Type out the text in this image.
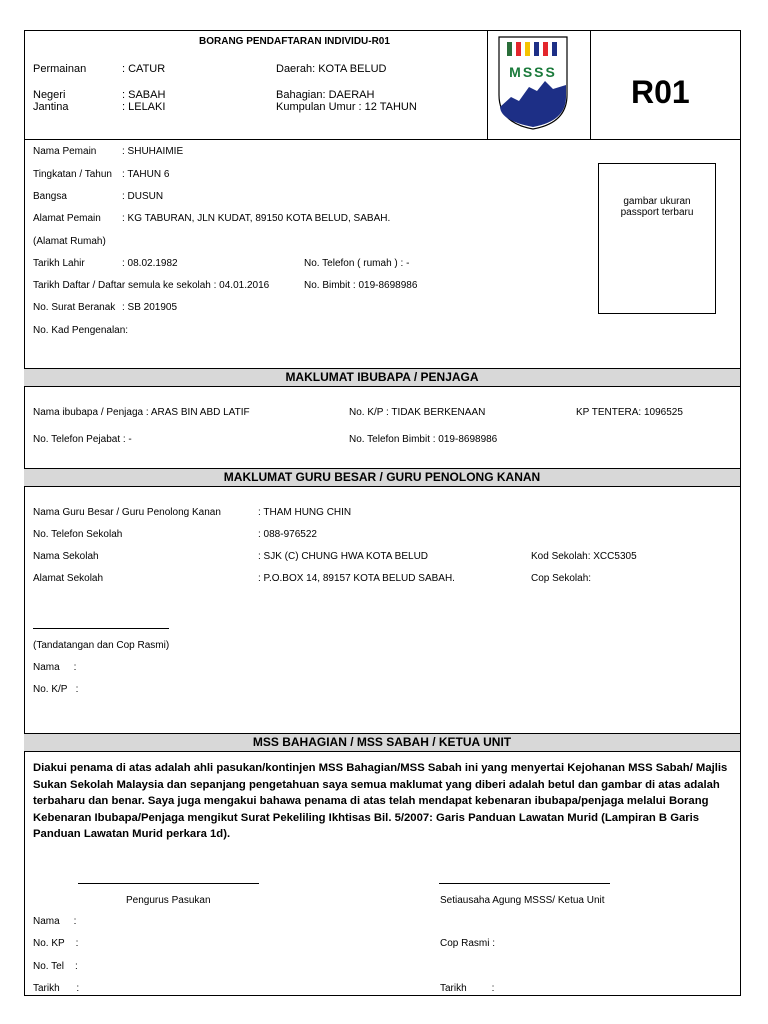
BORANG PENDAFTARAN INDIVIDU-R01
Permainan	: CATUR	Daerah: KOTA BELUD
Negeri	: SABAH	Bahagian: DAERAH
Jantina	: LELAKI	Kumpulan Umur : 12 TAHUN
MSSS
R01
Nama Pemain	: SHUHAIMIE
Tingkatan / Tahun : TAHUN 6
Bangsa	: DUSUN
Alamat Pemain : KG TABURAN, JLN KUDAT, 89150 KOTA BELUD, SABAH.
(Alamat Rumah)
Tarikh Lahir	: 08.02.1982	No. Telefon ( rumah ) : -
Tarikh Daftar / Daftar semula ke sekolah : 04.01.2016	No. Bimbit : 019-8698986
No. Surat Beranak : SB 201905
No. Kad Pengenalan:
gambar ukuran
passport terbaru
MAKLUMAT IBUBAPA / PENJAGA
Nama ibubapa / Penjaga : ARAS BIN ABD LATIF	No. K/P : TIDAK BERKENAAN	KP TENTERA: 1096525
No. Telefon Pejabat : -	No. Telefon Bimbit : 019-8698986
MAKLUMAT GURU BESAR / GURU PENOLONG KANAN
Nama Guru Besar / Guru Penolong Kanan	: THAM HUNG CHIN
No. Telefon Sekolah	: 088-976522
Nama Sekolah	: SJK (C) CHUNG HWA KOTA BELUD	Kod Sekolah: XCC5305
Alamat Sekolah	: P.O.BOX 14, 89157 KOTA BELUD SABAH.	Cop Sekolah:
(Tandatangan dan Cop Rasmi)
Nama     :
No. K/P   :
MSS BAHAGIAN / MSS SABAH / KETUA UNIT
Diakui penama di atas adalah ahli pasukan/kontinjen MSS Bahagian/MSS Sabah ini yang menyertai Kejohanan MSS Sabah/ Majlis Sukan Sekolah Malaysia dan sepanjang pengetahuan saya semua maklumat yang diberi adalah betul dan gambar di atas adalah terbaharu dan benar. Saya juga mengakui bahawa penama di atas telah mendapat kebenaran ibubapa/penjaga melalui Borang Kebenaran Ibubapa/Penjaga mengikut Surat Pekeliling Ikhtisas Bil. 5/2007: Garis Panduan Lawatan Murid (Lampiran B Garis Panduan Lawatan Murid perkara 1d).
Pengurus Pasukan	Setiausaha Agung MSSS/ Ketua Unit
Nama     :
No. KP    :	Cop Rasmi :
No. Tel    :
Tarikh      :	Tarikh         :
